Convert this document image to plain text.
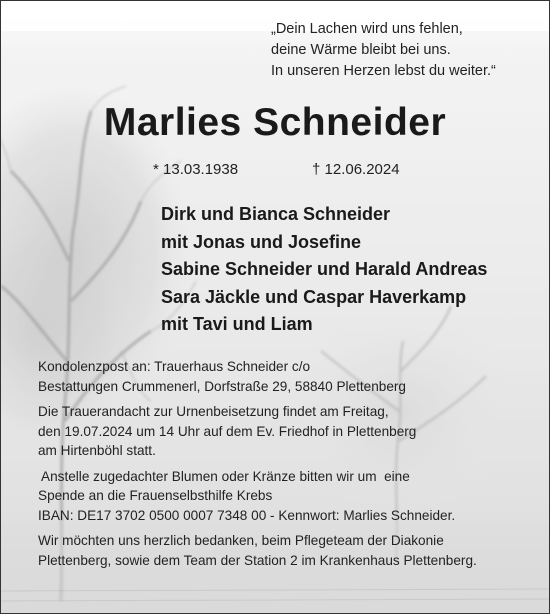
„Dein Lachen wird uns fehlen,
deine Wärme bleibt bei uns.
In unseren Herzen lebst du weiter.“
Marlies Schneider
* 13.03.1938	† 12.06.2024
Dirk und Bianca Schneider
mit Jonas und Josefine
Sabine Schneider und Harald Andreas
Sara Jäckle und Caspar Haverkamp
mit Tavi und Liam
Kondolenzpost an: Trauerhaus Schneider c/o
Bestattungen Crummenerl, Dorfstraße 29, 58840 Plettenberg
Die Trauerandacht zur Urnenbeisetzung findet am Freitag,
den 19.07.2024 um 14 Uhr auf dem Ev. Friedhof in Plettenberg
am Hirtenböhl statt.
Anstelle zugedachter Blumen oder Kränze bitten wir um  eine
Spende an die Frauenselbsthilfe Krebs
IBAN: DE17 3702 0500 0007 7348 00 - Kennwort: Marlies Schneider.
Wir möchten uns herzlich bedanken, beim Pflegeteam der Diakonie
Plettenberg, sowie dem Team der Station 2 im Krankenhaus Plettenberg.
